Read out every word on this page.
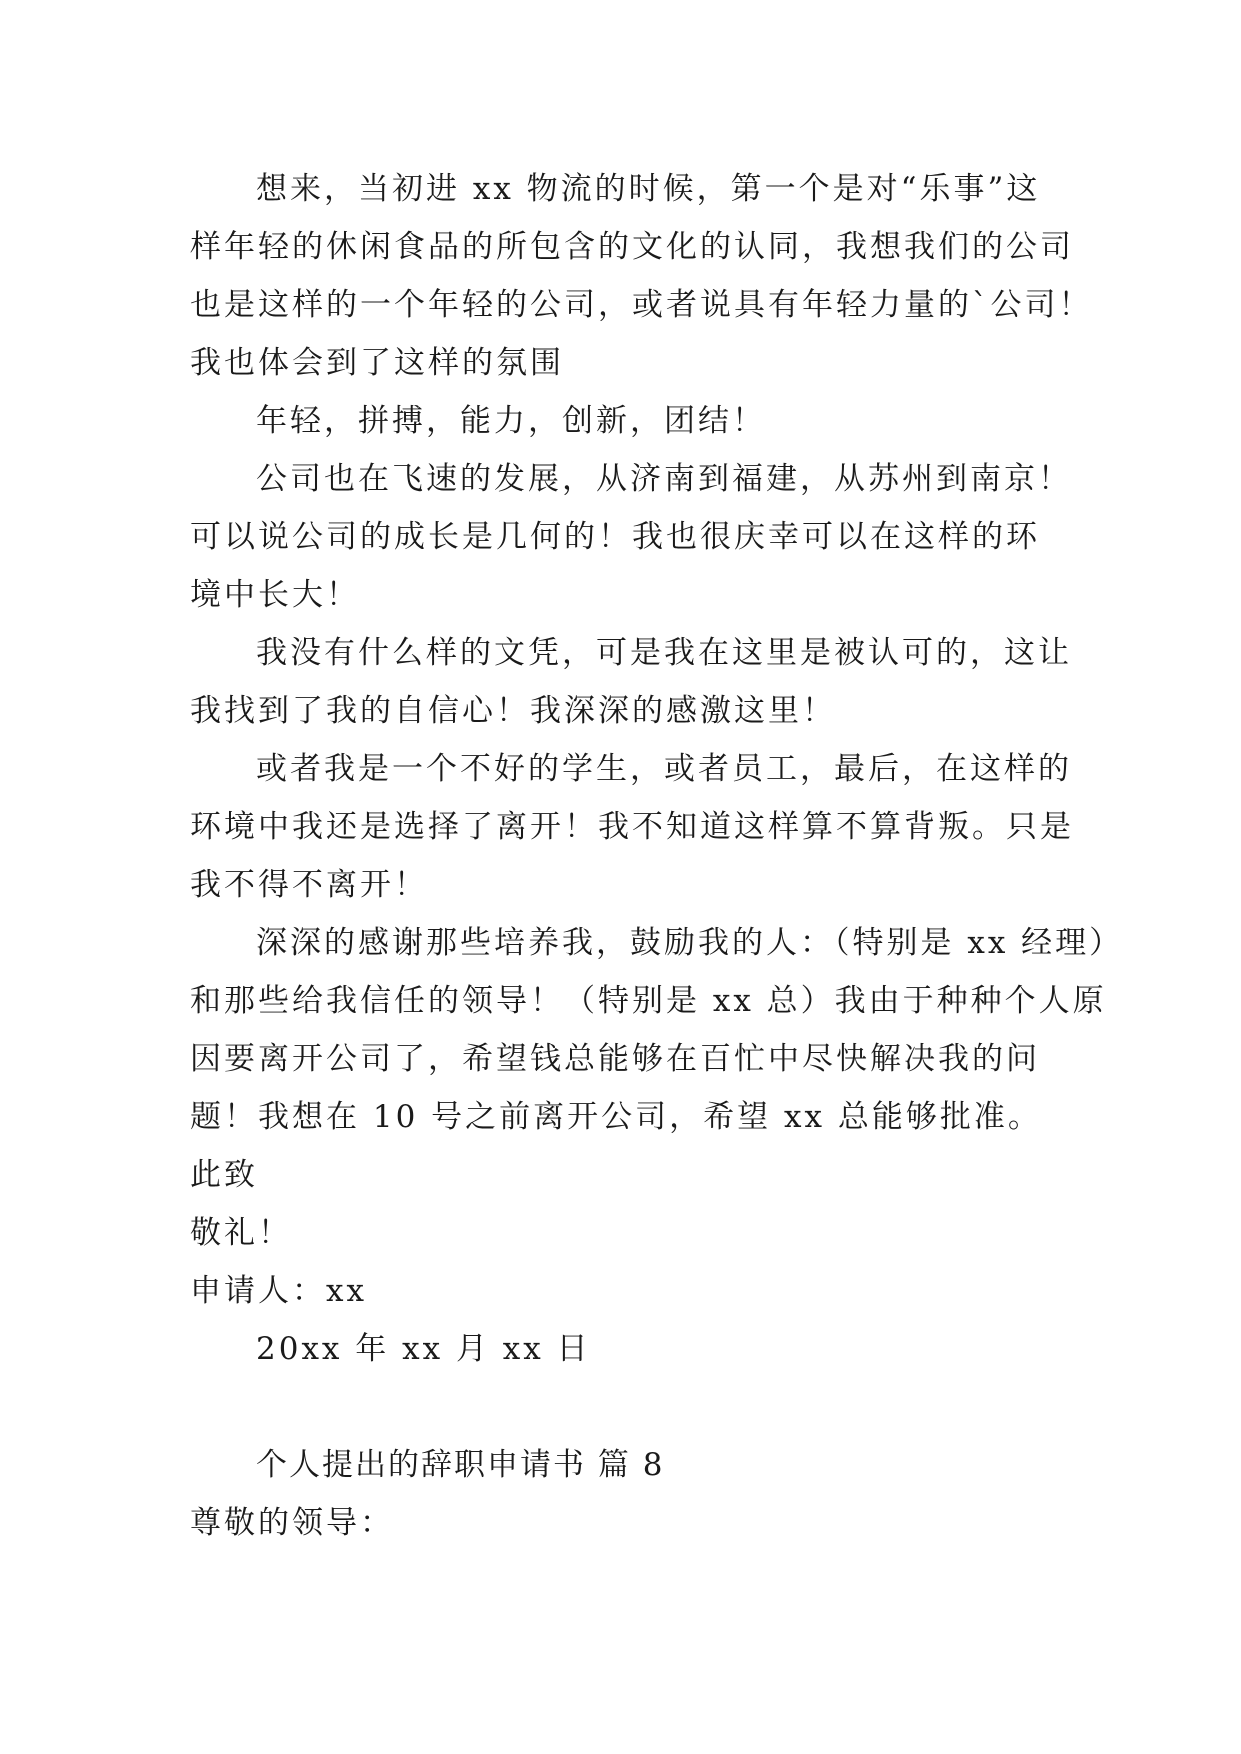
想来，当初进 xx 物流的时候，第一个是对“乐事”这

样年轻的休闲食品的所包含的文化的认同，我想我们的公司

也是这样的一个年轻的公司，或者说具有年轻力量的`公司！

我也体会到了这样的氛围

年轻，拼搏，能力，创新，团结！

公司也在飞速的发展，从济南到福建，从苏州到南京！

可以说公司的成长是几何的！我也很庆幸可以在这样的环

境中长大！

我没有什么样的文凭，可是我在这里是被认可的，这让

我找到了我的自信心！我深深的感激这里！

或者我是一个不好的学生，或者员工，最后，在这样的

环境中我还是选择了离开！我不知道这样算不算背叛。只是

我不得不离开！

深深的感谢那些培养我，鼓励我的人：（特别是 xx 经理）

和那些给我信任的领导！（特别是 xx 总）我由于种种个人原

因要离开公司了，希望钱总能够在百忙中尽快解决我的问

题！我想在 10 号之前离开公司，希望 xx 总能够批准。

此致

敬礼！

申请人：xx

20xx 年 xx 月 xx 日

个人提出的辞职申请书 篇 8

尊敬的领导：
